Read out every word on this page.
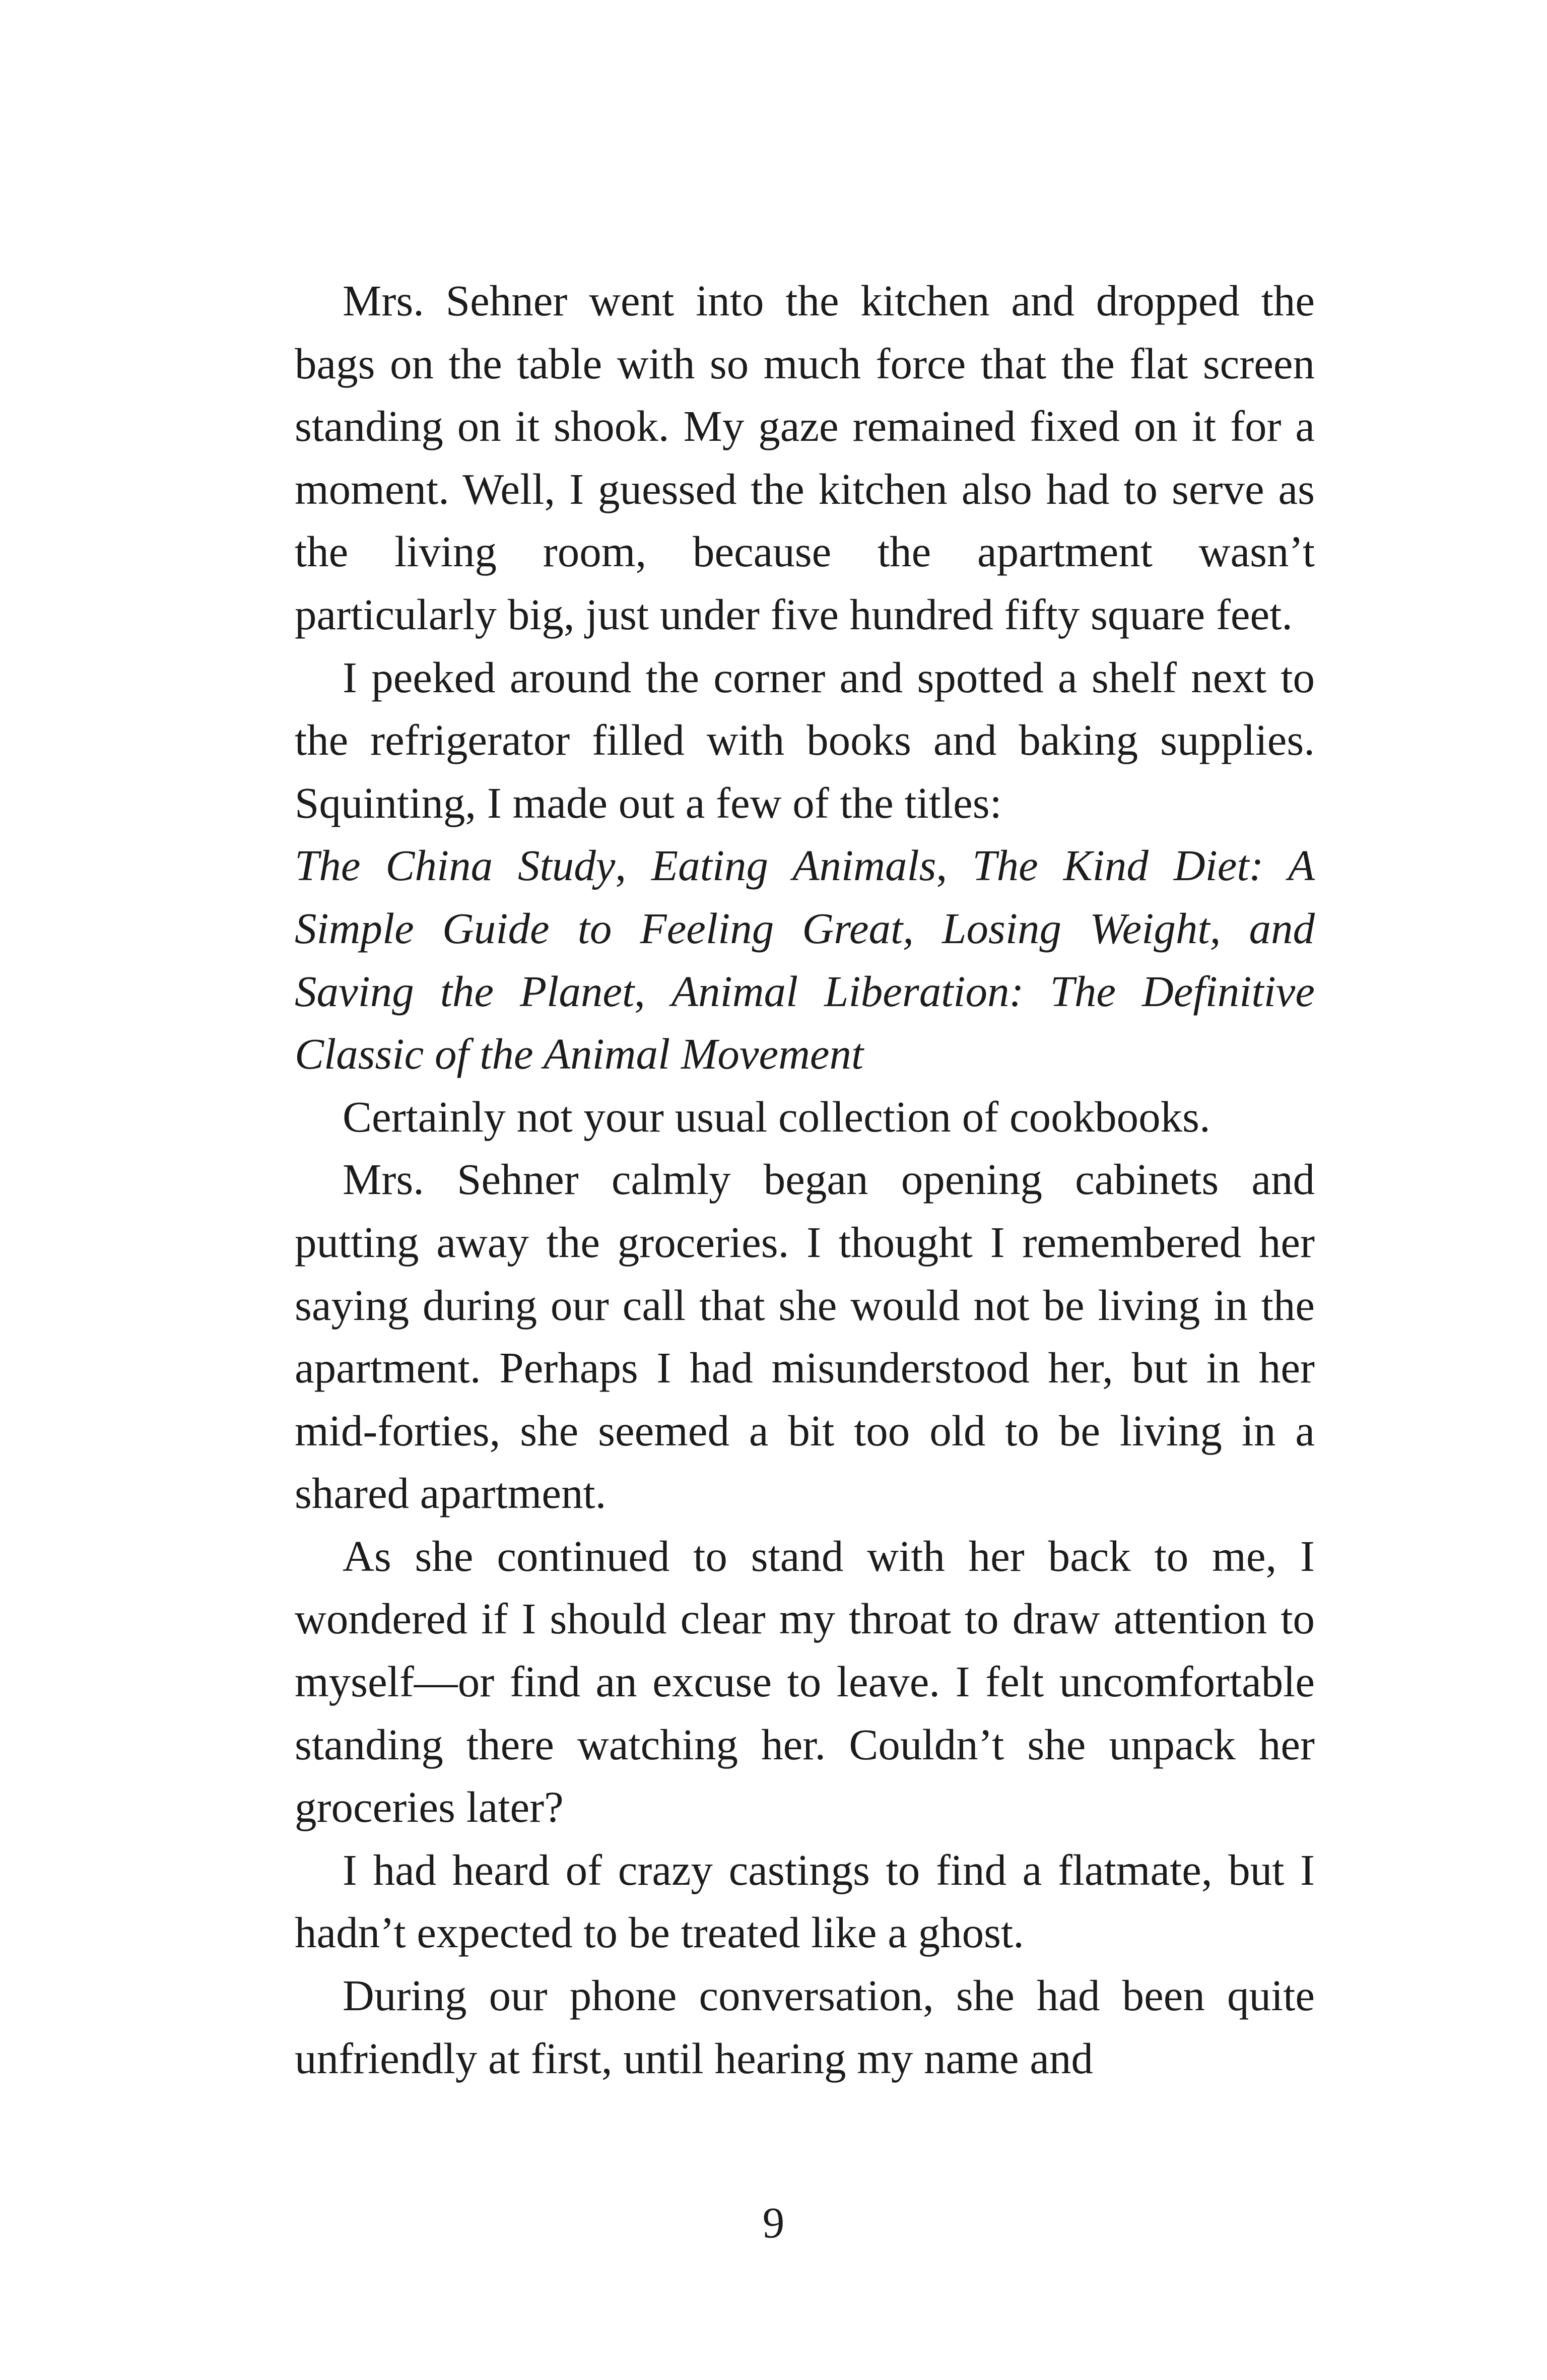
Mrs. Sehner went into the kitchen and dropped the bags on the table with so much force that the flat screen standing on it shook. My gaze remained fixed on it for a moment. Well, I guessed the kitchen also had to serve as the living room, because the apartment wasn’t particularly big, just under five hundred fifty square feet.

I peeked around the corner and spotted a shelf next to the refrigerator filled with books and baking supplies. Squinting, I made out a few of the titles:

The China Study, Eating Animals, The Kind Diet: A Simple Guide to Feeling Great, Losing Weight, and Saving the Planet, Animal Liberation: The Definitive Classic of the Animal Movement

Certainly not your usual collection of cookbooks.

Mrs. Sehner calmly began opening cabinets and putting away the groceries. I thought I remembered her saying during our call that she would not be living in the apartment. Perhaps I had misunderstood her, but in her mid-forties, she seemed a bit too old to be living in a shared apartment.

As she continued to stand with her back to me, I wondered if I should clear my throat to draw attention to myself—or find an excuse to leave. I felt uncomfortable standing there watching her. Couldn’t she unpack her groceries later?

I had heard of crazy castings to find a flatmate, but I hadn’t expected to be treated like a ghost.

During our phone conversation, she had been quite unfriendly at first, until hearing my name and

9
